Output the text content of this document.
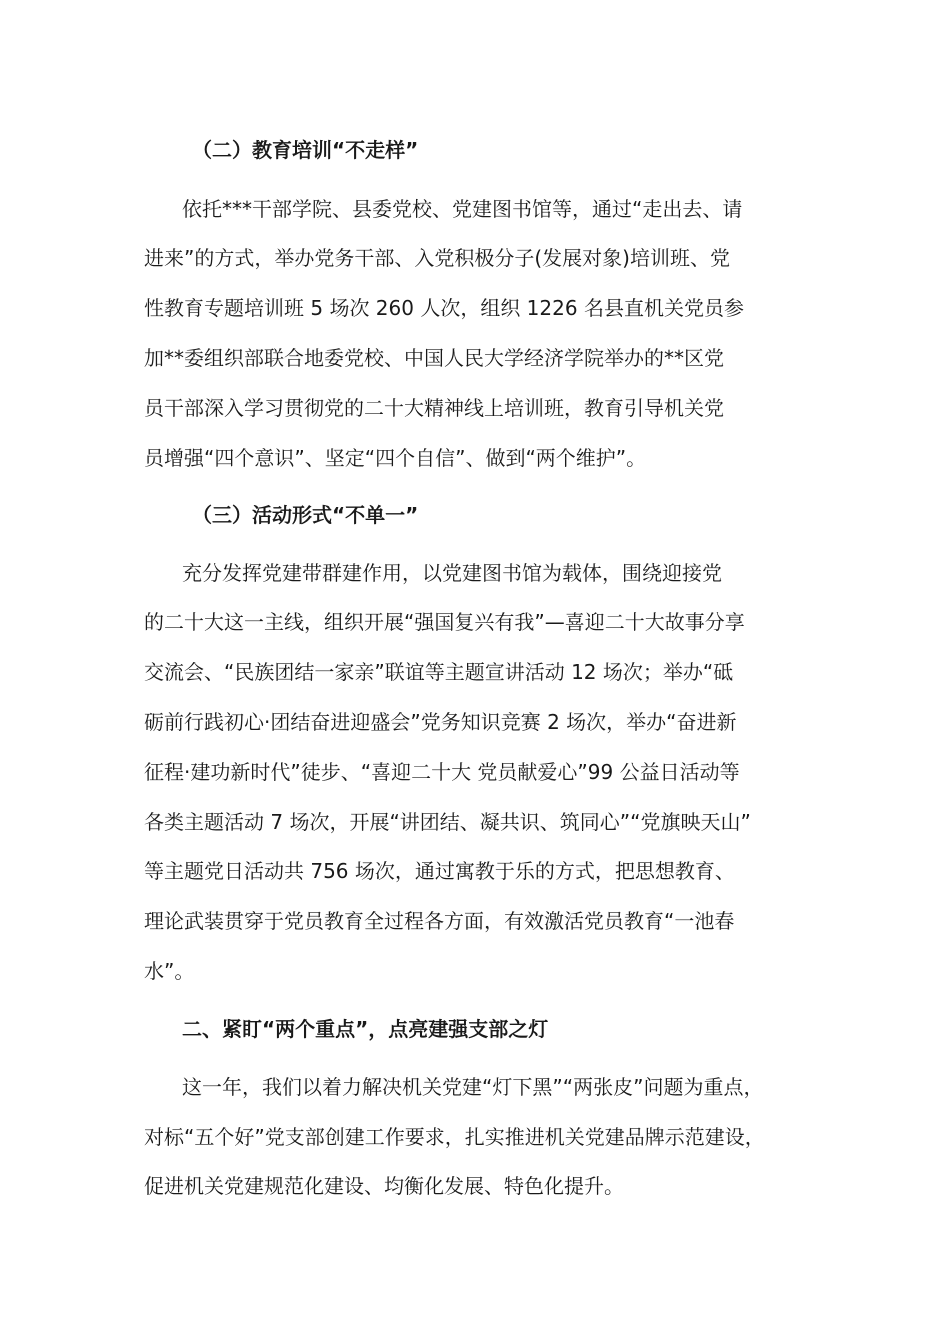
（二）教育培训“不走样”
依托***干部学院、县委党校、党建图书馆等，通过“走出去、请
进来”的方式，举办党务干部、入党积极分子(发展对象)培训班、党
性教育专题培训班 5 场次 260 人次，组织 1226 名县直机关党员参
加**委组织部联合地委党校、中国人民大学经济学院举办的**区党
员干部深入学习贯彻党的二十大精神线上培训班，教育引导机关党
员增强“四个意识”、坚定“四个自信”、做到“两个维护”。
（三）活动形式“不单一”
充分发挥党建带群建作用，以党建图书馆为载体，围绕迎接党
的二十大这一主线，组织开展“强国复兴有我”—喜迎二十大故事分享
交流会、“民族团结一家亲”联谊等主题宣讲活动 12 场次；举办“砥
砺前行践初心·团结奋进迎盛会”党务知识竞赛 2 场次，举办“奋进新
征程·建功新时代”徒步、“喜迎二十大 党员献爱心”99 公益日活动等
各类主题活动 7 场次，开展“讲团结、凝共识、筑同心”“党旗映天山”
等主题党日活动共 756 场次，通过寓教于乐的方式，把思想教育、
理论武装贯穿于党员教育全过程各方面，有效激活党员教育“一池春
水”。
二、紧盯“两个重点”，点亮建强支部之灯
这一年，我们以着力解决机关党建“灯下黑”“两张皮”问题为重点，
对标“五个好”党支部创建工作要求，扎实推进机关党建品牌示范建设，
促进机关党建规范化建设、均衡化发展、特色化提升。
